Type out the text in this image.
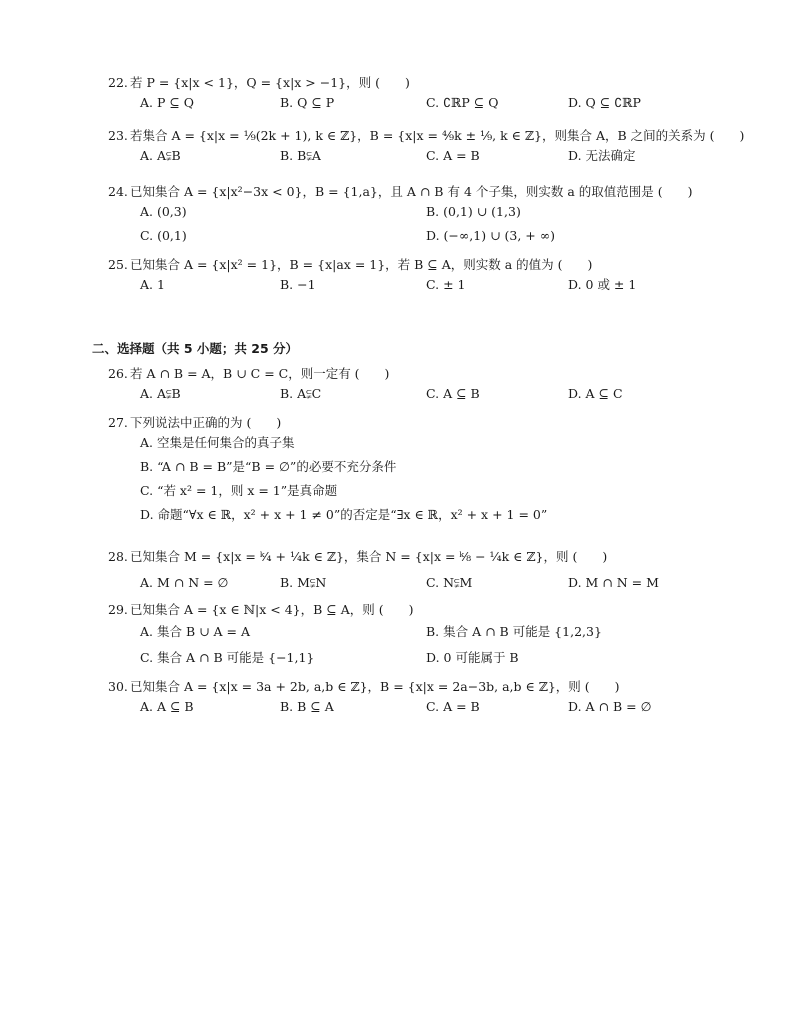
22. 若 P = {x|x < 1}，Q = {x|x > −1}，则 (　　)
A. P ⊆ Q	B. Q ⊆ P	C. ∁ℝP ⊆ Q	D. Q ⊆ ∁ℝP
23. 若集合 A = {x|x = ¹⁄₉(2k + 1), k ∈ ℤ}，B = {x|x = ⁴⁄₉k ± ¹⁄₉, k ∈ ℤ}，则集合 A，B 之间的关系为 (　　)
A. A⫋B	B. B⫋A	C. A = B	D. 无法确定
24. 已知集合 A = {x|x²−3x < 0}，B = {1,a}，且 A ∩ B 有 4 个子集，则实数 a 的取值范围是 (　　)
A. (0,3)	B. (0,1) ∪ (1,3)
C. (0,1)	D. (−∞,1) ∪ (3, + ∞)
25. 已知集合 A = {x|x² = 1}，B = {x|ax = 1}，若 B ⊆ A，则实数 a 的值为 (　　)
A. 1	B. −1	C. ± 1	D. 0 或 ± 1
二、选择题（共 5 小题；共 25 分）
26. 若 A ∩ B = A，B ∪ C = C，则一定有 (　　)
A. A⫋B	B. A⫋C	C. A ⊆ B	D. A ⊆ C
27. 下列说法中正确的为 (　　)
A. 空集是任何集合的真子集
B. “A ∩ B = B”是“B = ∅”的必要不充分条件
C. “若 x² = 1，则 x = 1”是真命题
D. 命题“∀x ∈ ℝ，x² + x + 1 ≠ 0”的否定是“∃x ∈ ℝ，x² + x + 1 = 0”
28. 已知集合 M = {x|x = ᵏ⁄₄ + ¹⁄₄k ∈ ℤ}，集合 N = {x|x = ᵏ⁄₈ − ¹⁄₄k ∈ ℤ}，则 (　　)
A. M ∩ N = ∅	B. M⫋N	C. N⫋M	D. M ∩ N = M
29. 已知集合 A = {x ∈ ℕ|x < 4}，B ⊆ A，则 (　　)
A. 集合 B ∪ A = A	B. 集合 A ∩ B 可能是 {1,2,3}
C. 集合 A ∩ B 可能是 {−1,1}	D. 0 可能属于 B
30. 已知集合 A = {x|x = 3a + 2b, a,b ∈ ℤ}，B = {x|x = 2a−3b, a,b ∈ ℤ}，则 (　　)
A. A ⊆ B	B. B ⊆ A	C. A = B	D. A ∩ B = ∅
